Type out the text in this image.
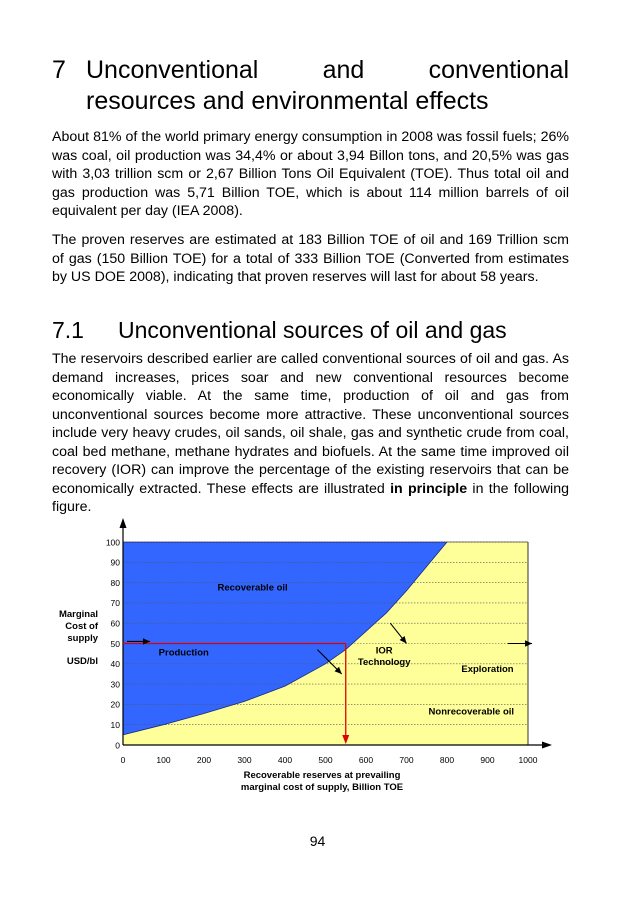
7 Unconventional and conventional
resources and environmental effects

About 81% of the world primary energy consumption in 2008 was fossil fuels; 26% was coal, oil production was 34,4% or about 3,94 Billon tons, and 20,5% was gas with 3,03 trillion scm or 2,67 Billion Tons Oil Equivalent (TOE). Thus total oil and gas production was 5,71 Billion TOE, which is about 114 million barrels of oil equivalent per day (IEA 2008).

The proven reserves are estimated at 183 Billion TOE of oil and 169 Trillion scm of gas (150 Billion TOE) for a total of 333 Billion TOE (Converted from estimates by US DOE 2008), indicating that proven reserves will last for about 58 years.

7.1 Unconventional sources of oil and gas

The reservoirs described earlier are called conventional sources of oil and gas. As demand increases, prices soar and new conventional resources become economically viable. At the same time, production of oil and gas from unconventional sources become more attractive. These unconventional sources include very heavy crudes, oil sands, oil shale, gas and synthetic crude from coal, coal bed methane, methane hydrates and biofuels. At the same time improved oil recovery (IOR) can improve the percentage of the existing reservoirs that can be economically extracted. These effects are illustrated in principle in the following figure.

0
10
20
30
40
50
60
70
80
90
100
0	100	200	300	400	500	600	700	800	900	1000
Marginal
Cost of
supply
USD/bl
Recoverable reserves at prevailing
marginal cost of supply, Billion TOE
Recoverable oil
Nonrecoverable oil
Production	IOR
Technology
Exploration
94
